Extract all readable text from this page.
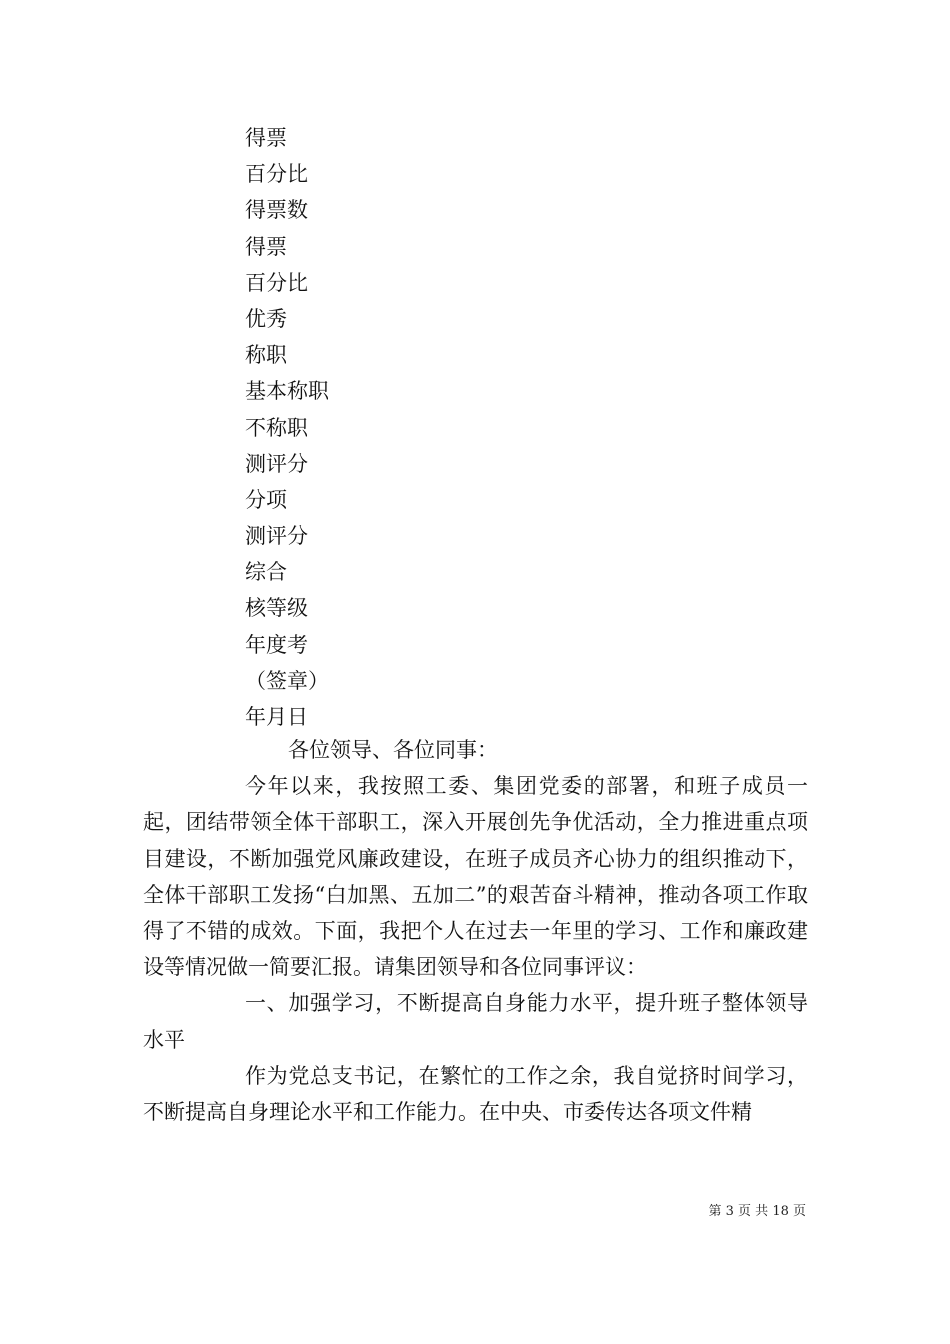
得票
百分比
得票数
得票
百分比
优秀
称职
基本称职
不称职
测评分
分项
测评分
综合
核等级
年度考
（签章）
年月日

各位领导、各位同事：

今年以来，我按照工委、集团党委的部署，和班子成员一起，团结带领全体干部职工，深入开展创先争优活动，全力推进重点项目建设，不断加强党风廉政建设，在班子成员齐心协力的组织推动下，全体干部职工发扬“白加黑、五加二”的艰苦奋斗精神，推动各项工作取得了不错的成效。下面，我把个人在过去一年里的学习、工作和廉政建设等情况做一简要汇报。请集团领导和各位同事评议：

一、加强学习，不断提高自身能力水平，提升班子整体领导水平

作为党总支书记，在繁忙的工作之余，我自觉挤时间学习，不断提高自身理论水平和工作能力。在中央、市委传达各项文件精

第 3 页 共 18 页
